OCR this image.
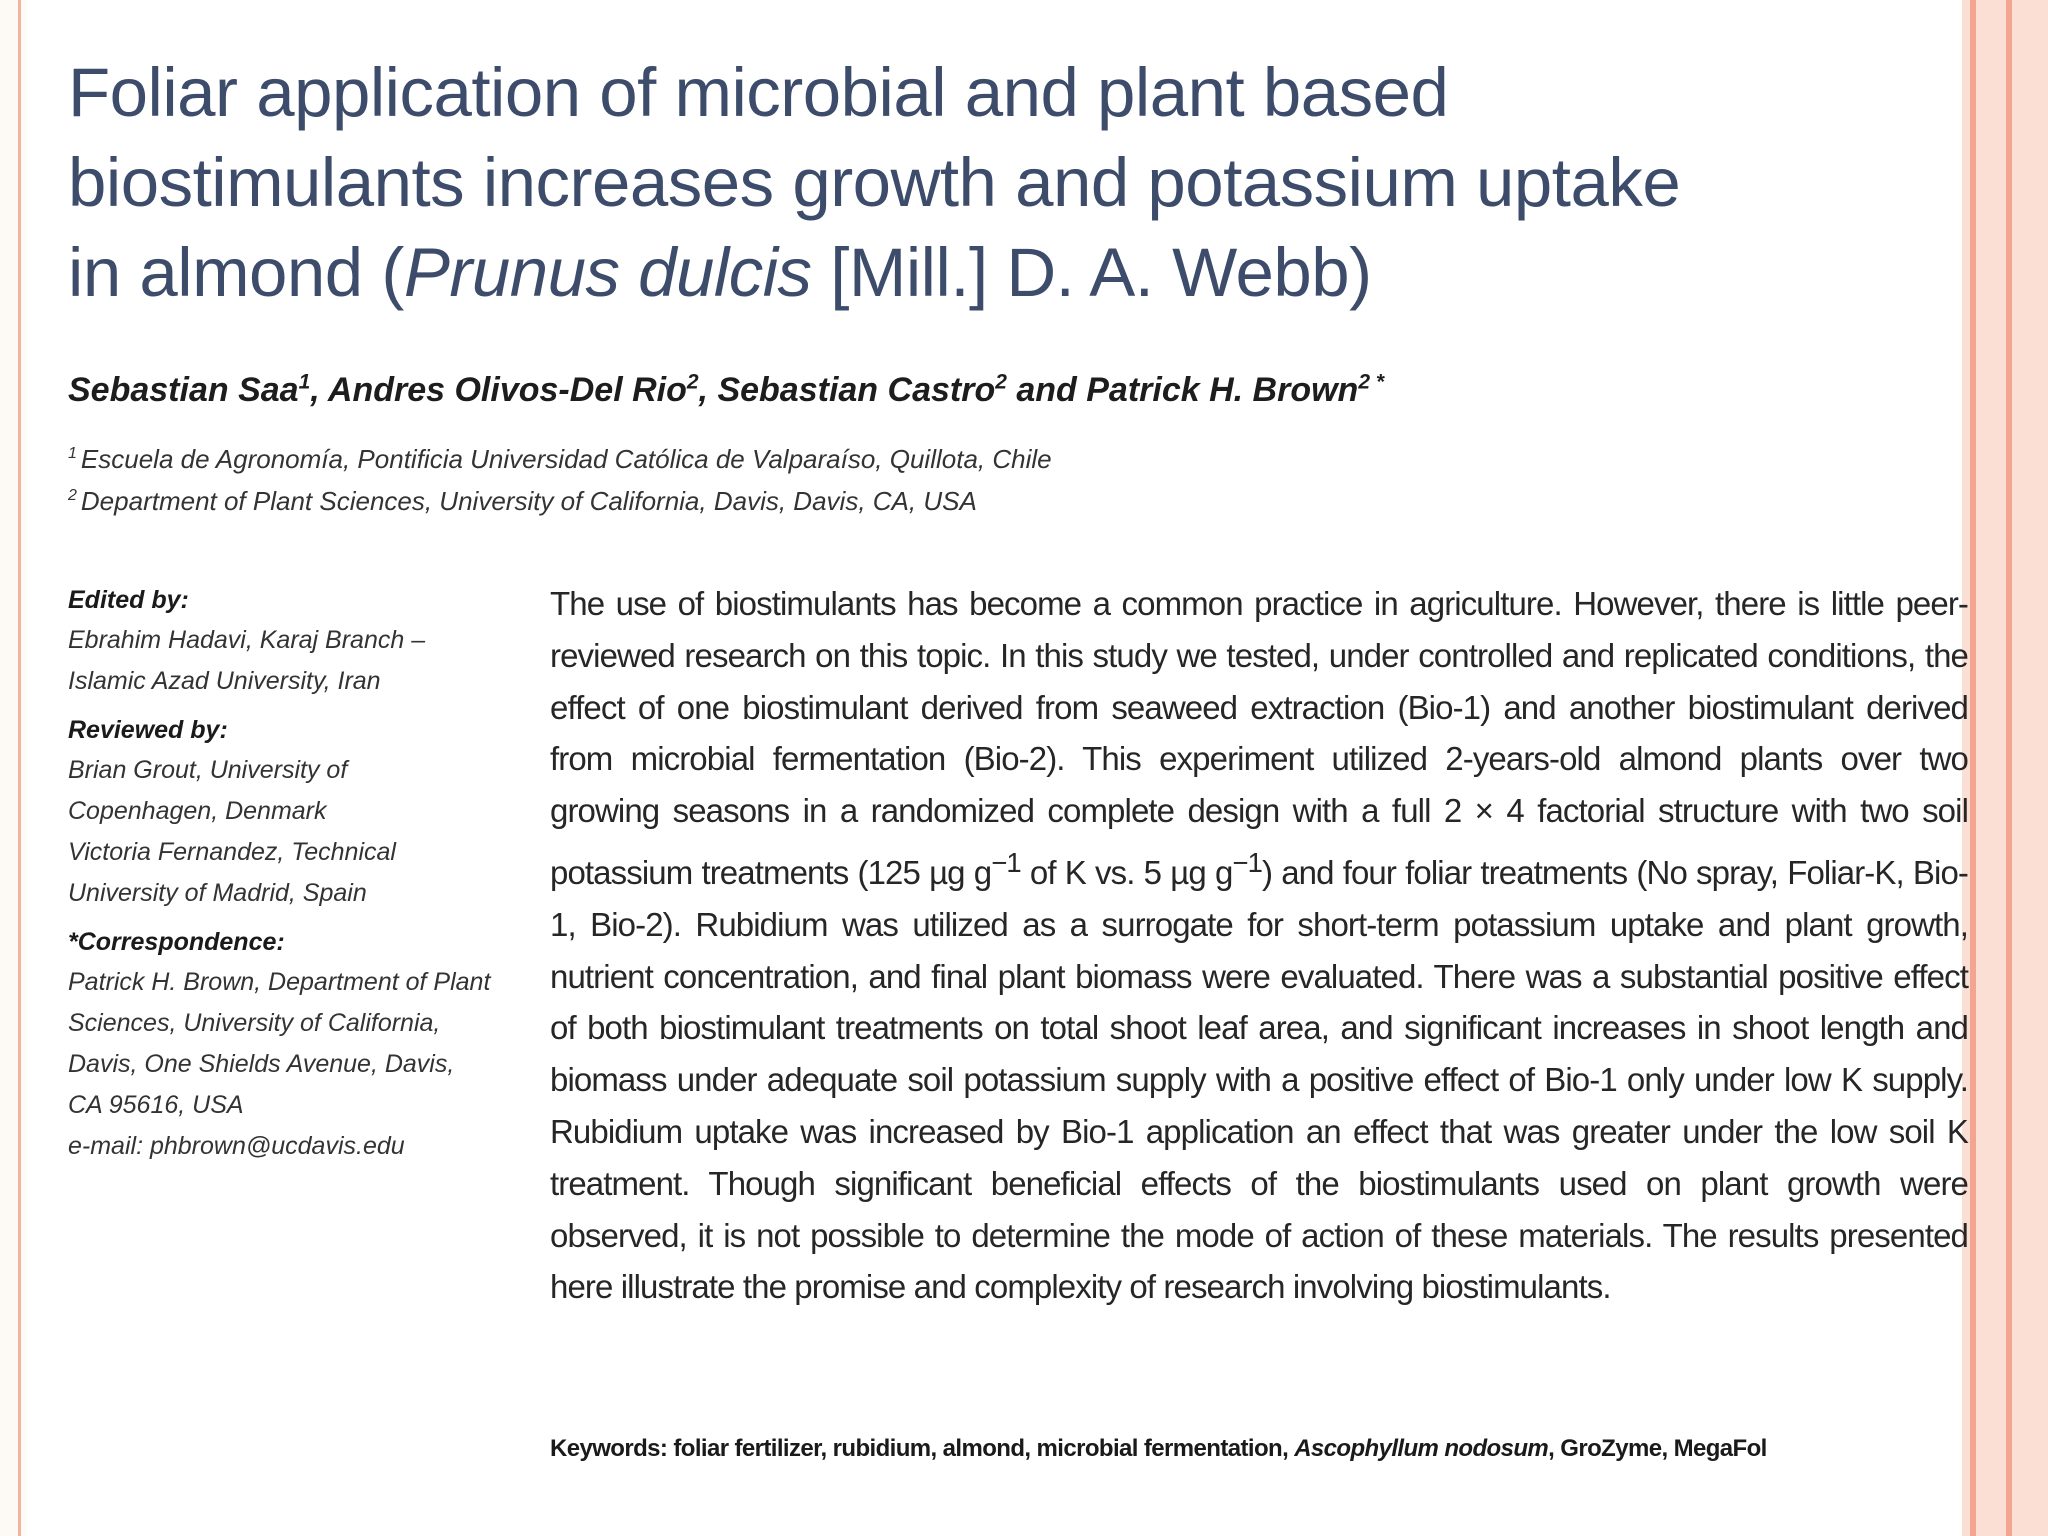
Foliar application of microbial and plant based
biostimulants increases growth and potassium uptake
in almond (Prunus dulcis [Mill.] D. A. Webb)
Sebastian Saa$^1$, Andres Olivos-Del Rio$^2$, Sebastian Castro$^2$ and Patrick H. Brown$^{2 *}$
$^1$ Escuela de Agronomía, Pontificia Universidad Católica de Valparaíso, Quillota, Chile
$^2$ Department of Plant Sciences, University of California, Davis, Davis, CA, USA
Edited by:
Ebrahim Hadavi, Karaj Branch –
Islamic Azad University, Iran
Reviewed by:
Brian Grout, University of
Copenhagen, Denmark
Victoria Fernandez, Technical
University of Madrid, Spain
*Correspondence:
Patrick H. Brown, Department of Plant
Sciences, University of California,
Davis, One Shields Avenue, Davis,
CA 95616, USA
e-mail: phbrown@ucdavis.edu

The use of biostimulants has become a common practice in agriculture. However, there is little peer-reviewed research on this topic. In this study we tested, under controlled and replicated conditions, the effect of one biostimulant derived from seaweed extraction (Bio-1) and another biostimulant derived from microbial fermentation (Bio-2). This experiment utilized 2-years-old almond plants over two growing seasons in a randomized complete design with a full 2 × 4 factorial structure with two soil potassium treatments (125 µg $g^{-1}$ of K vs. 5 µg $g^{-1}$) and four foliar treatments (No spray, Foliar-K, Bio-1, Bio-2). Rubidium was utilized as a surrogate for short-term potassium uptake and plant growth, nutrient concentration, and final plant biomass were evaluated. There was a substantial positive effect of both biostimulant treatments on total shoot leaf area, and significant increases in shoot length and biomass under adequate soil potassium supply with a positive effect of Bio-1 only under low K supply. Rubidium uptake was increased by Bio-1 application an effect that was greater under the low soil K treatment. Though significant beneficial effects of the biostimulants used on plant growth were observed, it is not possible to determine the mode of action of these materials. The results presented here illustrate the promise and complexity of research involving biostimulants.

Keywords: foliar fertilizer, rubidium, almond, microbial fermentation, Ascophyllum nodosum, GroZyme, MegaFol
